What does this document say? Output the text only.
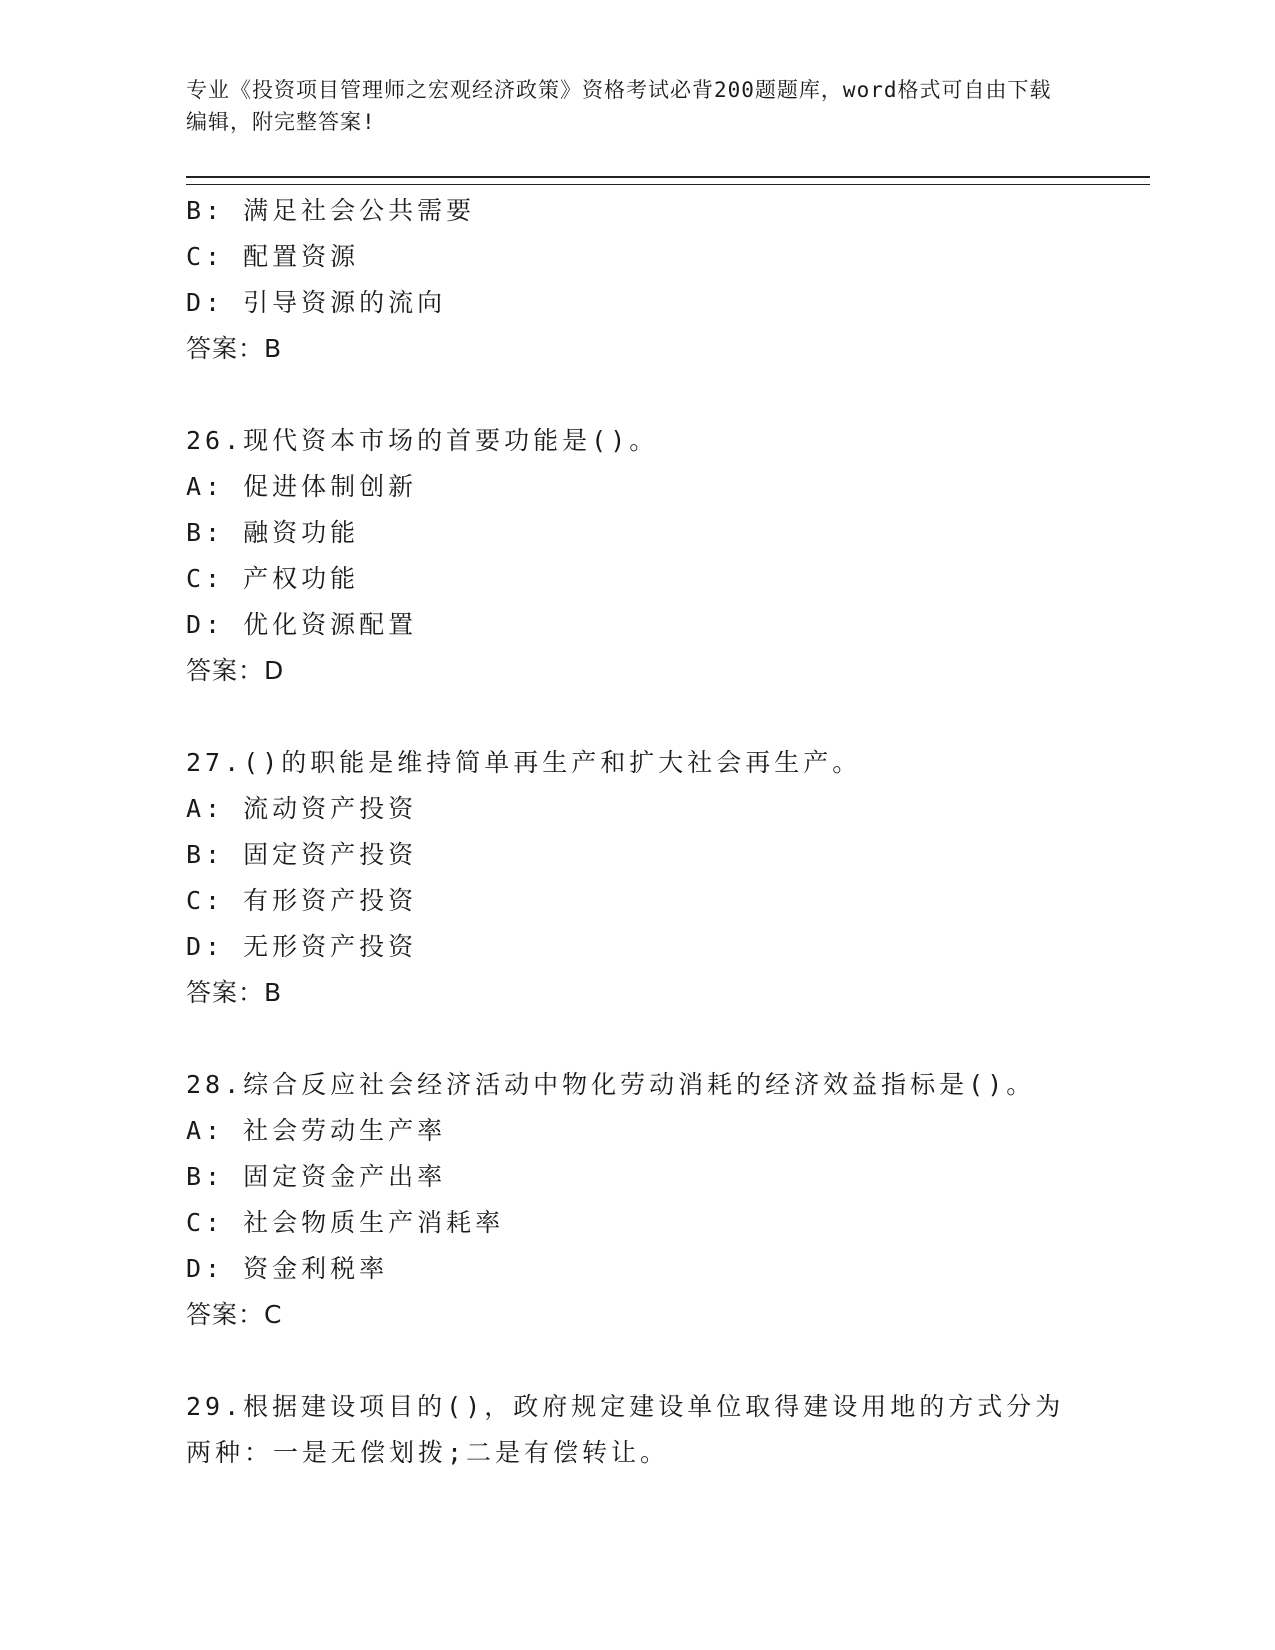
专业《投资项目管理师之宏观经济政策》资格考试必背200题题库，word格式可自由下载编辑，附完整答案!
B: 满足社会公共需要
C: 配置资源
D: 引导资源的流向
答案：B
26.现代资本市场的首要功能是()。
A: 促进体制创新
B: 融资功能
C: 产权功能
D: 优化资源配置
答案：D
27.()的职能是维持简单再生产和扩大社会再生产。
A: 流动资产投资
B: 固定资产投资
C: 有形资产投资
D: 无形资产投资
答案：B
28.综合反应社会经济活动中物化劳动消耗的经济效益指标是()。
A: 社会劳动生产率
B: 固定资金产出率
C: 社会物质生产消耗率
D: 资金利税率
答案：C
29.根据建设项目的()，政府规定建设单位取得建设用地的方式分为两种：一是无偿划拨;二是有偿转让。
